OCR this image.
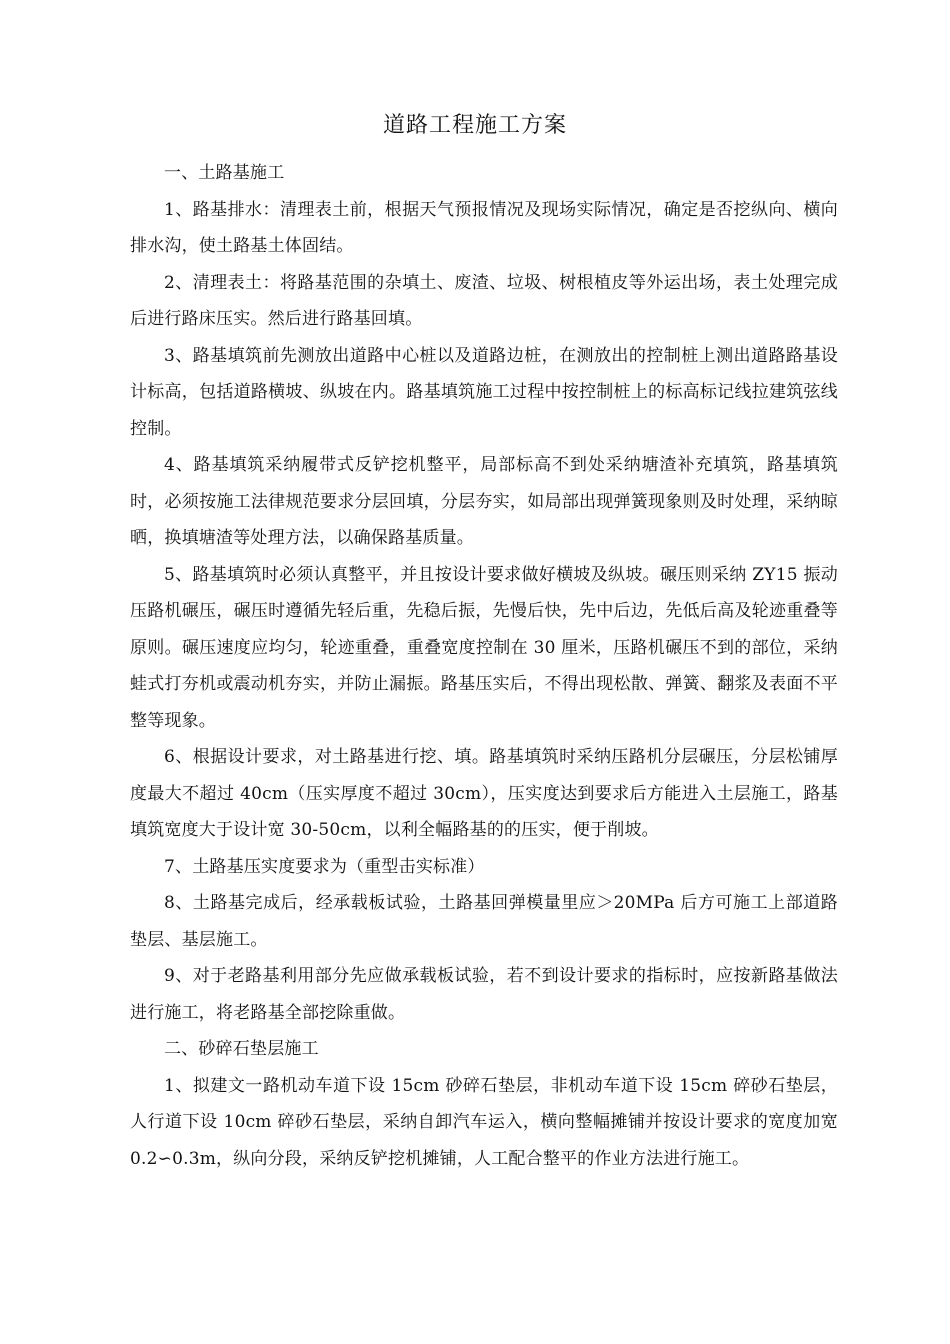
道路工程施工方案

一、土路基施工

1、路基排水：清理表土前，根据天气预报情况及现场实际情况，确定是否挖纵向、横向排水沟，使土路基土体固结。

2、清理表土：将路基范围的杂填土、废渣、垃圾、树根植皮等外运出场，表土处理完成后进行路床压实。然后进行路基回填。

3、路基填筑前先测放出道路中心桩以及道路边桩，在测放出的控制桩上测出道路路基设计标高，包括道路横坡、纵坡在内。路基填筑施工过程中按控制桩上的标高标记线拉建筑弦线控制。

4、路基填筑采纳履带式反铲挖机整平，局部标高不到处采纳塘渣补充填筑，路基填筑时，必须按施工法律规范要求分层回填，分层夯实，如局部出现弹簧现象则及时处理，采纳晾晒，换填塘渣等处理方法，以确保路基质量。

5、路基填筑时必须认真整平，并且按设计要求做好横坡及纵坡。碾压则采纳 ZY15 振动压路机碾压，碾压时遵循先轻后重，先稳后振，先慢后快，先中后边，先低后高及轮迹重叠等原则。碾压速度应均匀，轮迹重叠，重叠宽度控制在 30 厘米，压路机碾压不到的部位，采纳蛙式打夯机或震动机夯实，并防止漏振。路基压实后，不得出现松散、弹簧、翻浆及表面不平整等现象。

6、根据设计要求，对土路基进行挖、填。路基填筑时采纳压路机分层碾压，分层松铺厚度最大不超过 40cm（压实厚度不超过 30cm），压实度达到要求后方能进入土层施工，路基填筑宽度大于设计宽 30-50cm，以利全幅路基的的压实，便于削坡。

7、土路基压实度要求为（重型击实标准）

8、土路基完成后，经承载板试验，土路基回弹模量里应＞20MPa 后方可施工上部道路垫层、基层施工。

9、对于老路基利用部分先应做承载板试验，若不到设计要求的指标时，应按新路基做法进行施工，将老路基全部挖除重做。

二、砂碎石垫层施工

1、拟建文一路机动车道下设 15cm 砂碎石垫层，非机动车道下设 15cm 碎砂石垫层，人行道下设 10cm 碎砂石垫层，采纳自卸汽车运入，横向整幅摊铺并按设计要求的宽度加宽 0.2∽0.3m，纵向分段，采纳反铲挖机摊铺，人工配合整平的作业方法进行施工。
